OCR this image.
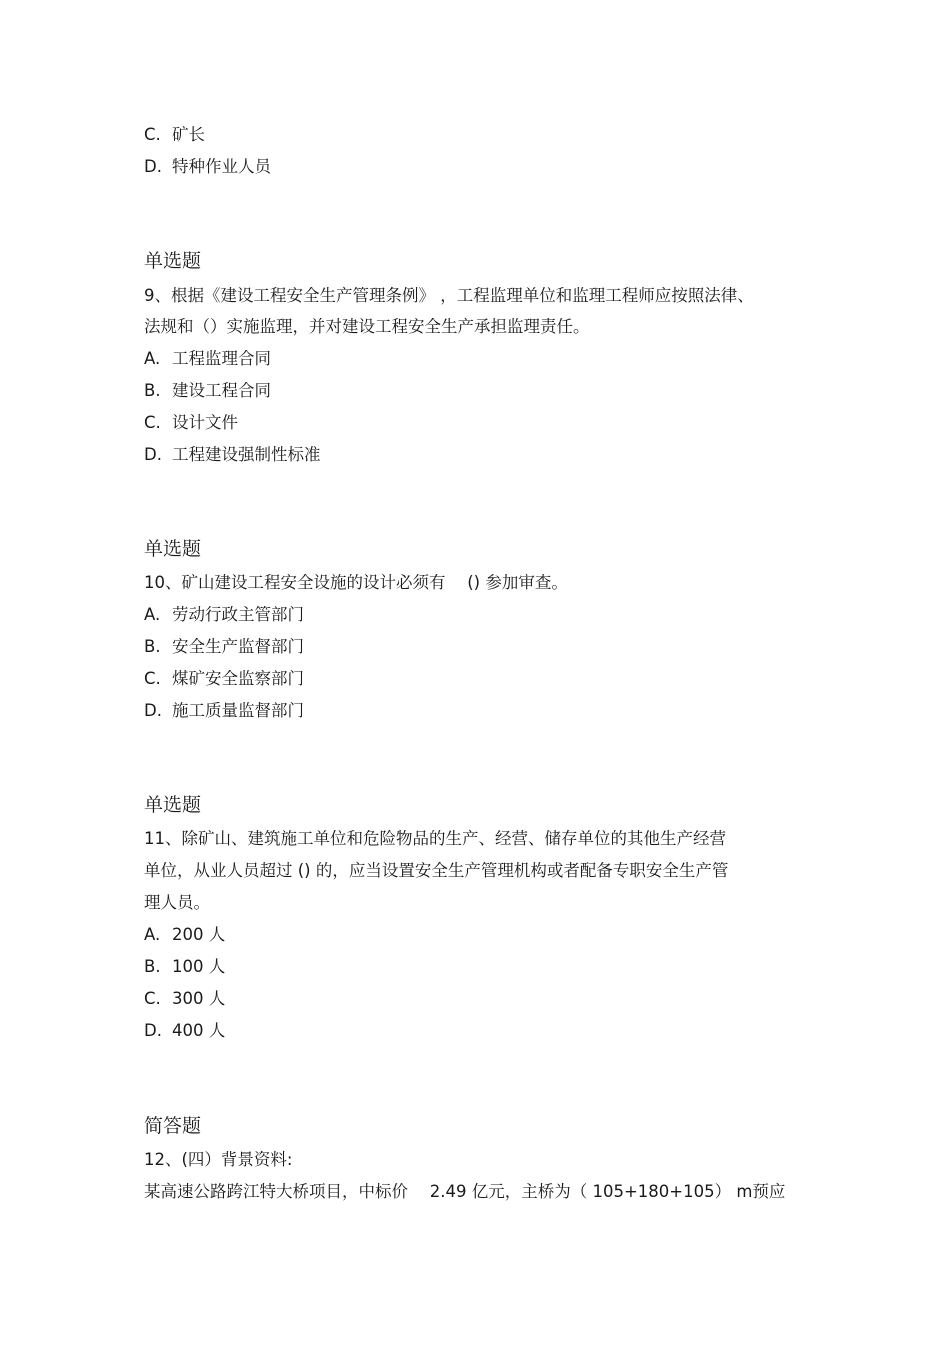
C. 矿长
D. 特种作业人员
单选题
9、根据《建设工程安全生产管理条例》 ，工程监理单位和监理工程师应按照法律、
法规和（）实施监理，并对建设工程安全生产承担监理责任。
A. 工程监理合同
B. 建设工程合同
C. 设计文件
D. 工程建设强制性标准
单选题
10、矿山建设工程安全设施的设计必须有　 () 参加审查。
A. 劳动行政主管部门
B. 安全生产监督部门
C. 煤矿安全监察部门
D. 施工质量监督部门
单选题
11、除矿山、建筑施工单位和危险物品的生产、经营、储存单位的其他生产经营
单位，从业人员超过 () 的，应当设置安全生产管理机构或者配备专职安全生产管
理人员。
A. 200 人
B. 100 人
C. 300 人
D. 400 人
简答题
12、(四）背景资料:
某高速公路跨江特大桥项目，中标价　 2.49 亿元，主桥为（ 105+180+105） m预应
